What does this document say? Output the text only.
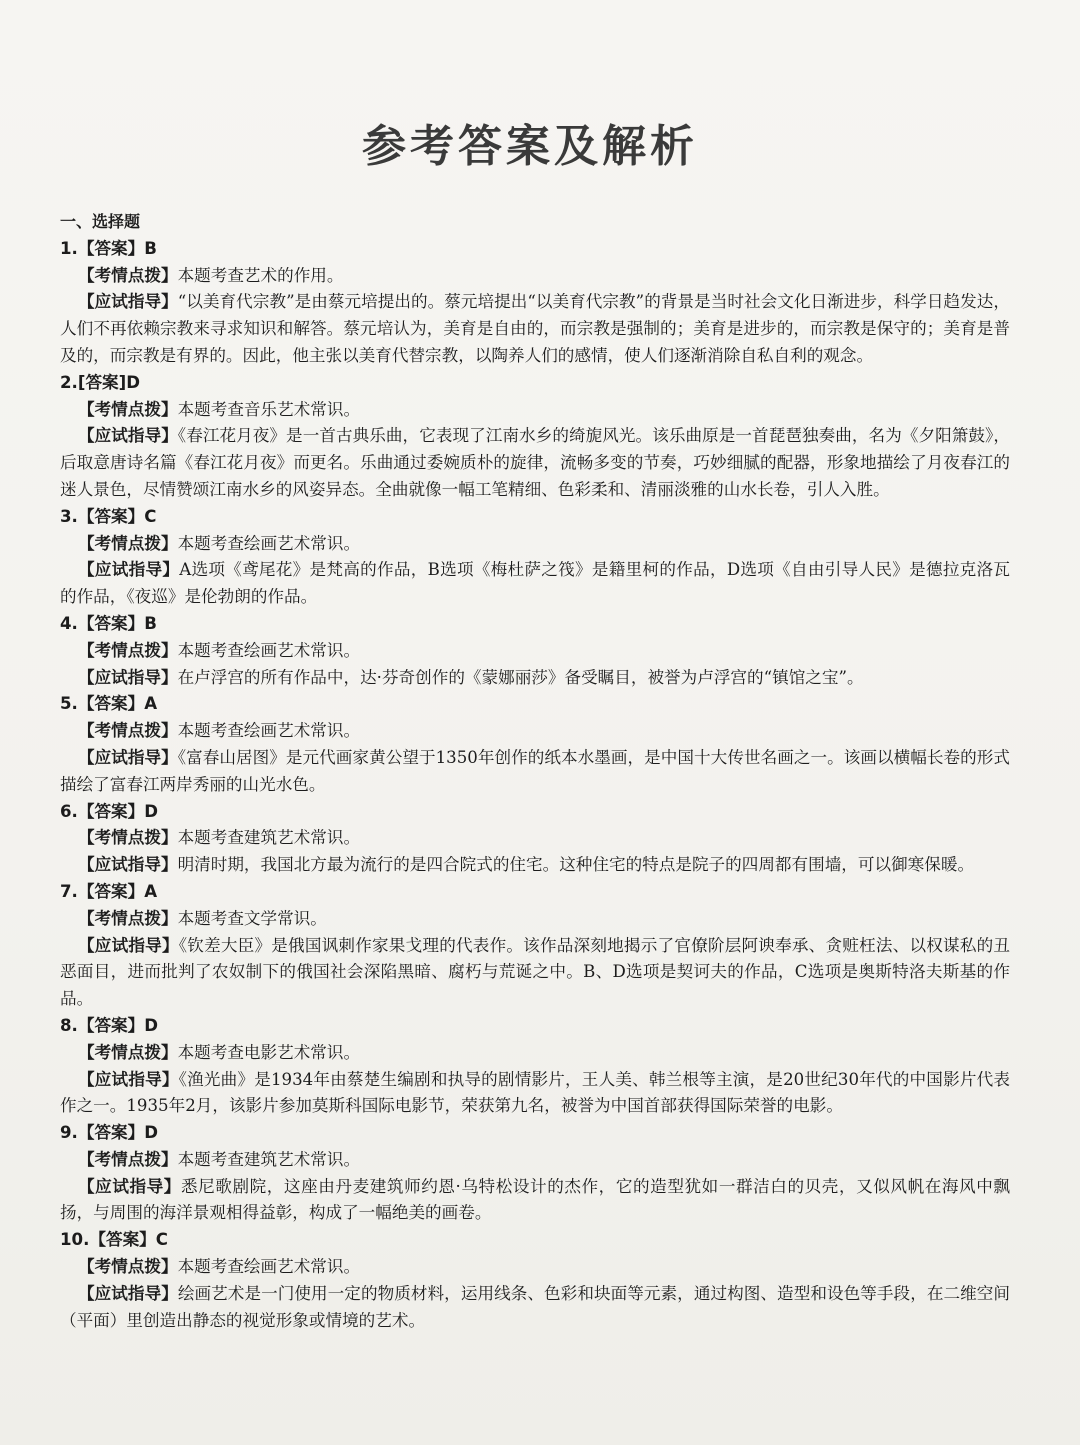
参考答案及解析
一、选择题

1.【答案】B

【考情点拨】本题考查艺术的作用。

【应试指导】“以美育代宗教”是由蔡元培提出的。蔡元培提出“以美育代宗教”的背景是当时社会文化日渐进步，科学日趋发达，人们不再依赖宗教来寻求知识和解答。蔡元培认为，美育是自由的，而宗教是强制的；美育是进步的，而宗教是保守的；美育是普及的，而宗教是有界的。因此，他主张以美育代替宗教，以陶养人们的感情，使人们逐渐消除自私自利的观念。

2.[答案]D

【考情点拨】本题考查音乐艺术常识。

【应试指导】《春江花月夜》是一首古典乐曲，它表现了江南水乡的绮旎风光。该乐曲原是一首琵琶独奏曲，名为《夕阳箫鼓》，后取意唐诗名篇《春江花月夜》而更名。乐曲通过委婉质朴的旋律，流畅多变的节奏，巧妙细腻的配器，形象地描绘了月夜春江的迷人景色，尽情赞颂江南水乡的风姿异态。全曲就像一幅工笔精细、色彩柔和、清丽淡雅的山水长卷，引人入胜。

3.【答案】C

【考情点拨】本题考查绘画艺术常识。

【应试指导】A选项《鸢尾花》是梵高的作品，B选项《梅杜萨之筏》是籍里柯的作品，D选项《自由引导人民》是德拉克洛瓦的作品，《夜巡》是伦勃朗的作品。

4.【答案】B

【考情点拨】本题考查绘画艺术常识。

【应试指导】在卢浮宫的所有作品中，达·芬奇创作的《蒙娜丽莎》备受瞩目，被誉为卢浮宫的“镇馆之宝”。

5.【答案】A

【考情点拨】本题考查绘画艺术常识。

【应试指导】《富春山居图》是元代画家黄公望于1350年创作的纸本水墨画，是中国十大传世名画之一。该画以横幅长卷的形式描绘了富春江两岸秀丽的山光水色。

6.【答案】D

【考情点拨】本题考查建筑艺术常识。

【应试指导】明清时期，我国北方最为流行的是四合院式的住宅。这种住宅的特点是院子的四周都有围墙，可以御寒保暖。

7.【答案】A

【考情点拨】本题考查文学常识。

【应试指导】《钦差大臣》是俄国讽刺作家果戈理的代表作。该作品深刻地揭示了官僚阶层阿谀奉承、贪赃枉法、以权谋私的丑恶面目，进而批判了农奴制下的俄国社会深陷黑暗、腐朽与荒诞之中。B、D选项是契诃夫的作品，C选项是奥斯特洛夫斯基的作品。

8.【答案】D

【考情点拨】本题考查电影艺术常识。

【应试指导】《渔光曲》是1934年由蔡楚生编剧和执导的剧情影片，王人美、韩兰根等主演，是20世纪30年代的中国影片代表作之一。1935年2月，该影片参加莫斯科国际电影节，荣获第九名，被誉为中国首部获得国际荣誉的电影。

9.【答案】D

【考情点拨】本题考查建筑艺术常识。

【应试指导】悉尼歌剧院，这座由丹麦建筑师约恩·乌特松设计的杰作，它的造型犹如一群洁白的贝壳，又似风帆在海风中飘扬，与周围的海洋景观相得益彰，构成了一幅绝美的画卷。

10.【答案】C

【考情点拨】本题考查绘画艺术常识。

【应试指导】绘画艺术是一门使用一定的物质材料，运用线条、色彩和块面等元素，通过构图、造型和设色等手段，在二维空间（平面）里创造出静态的视觉形象或情境的艺术。
